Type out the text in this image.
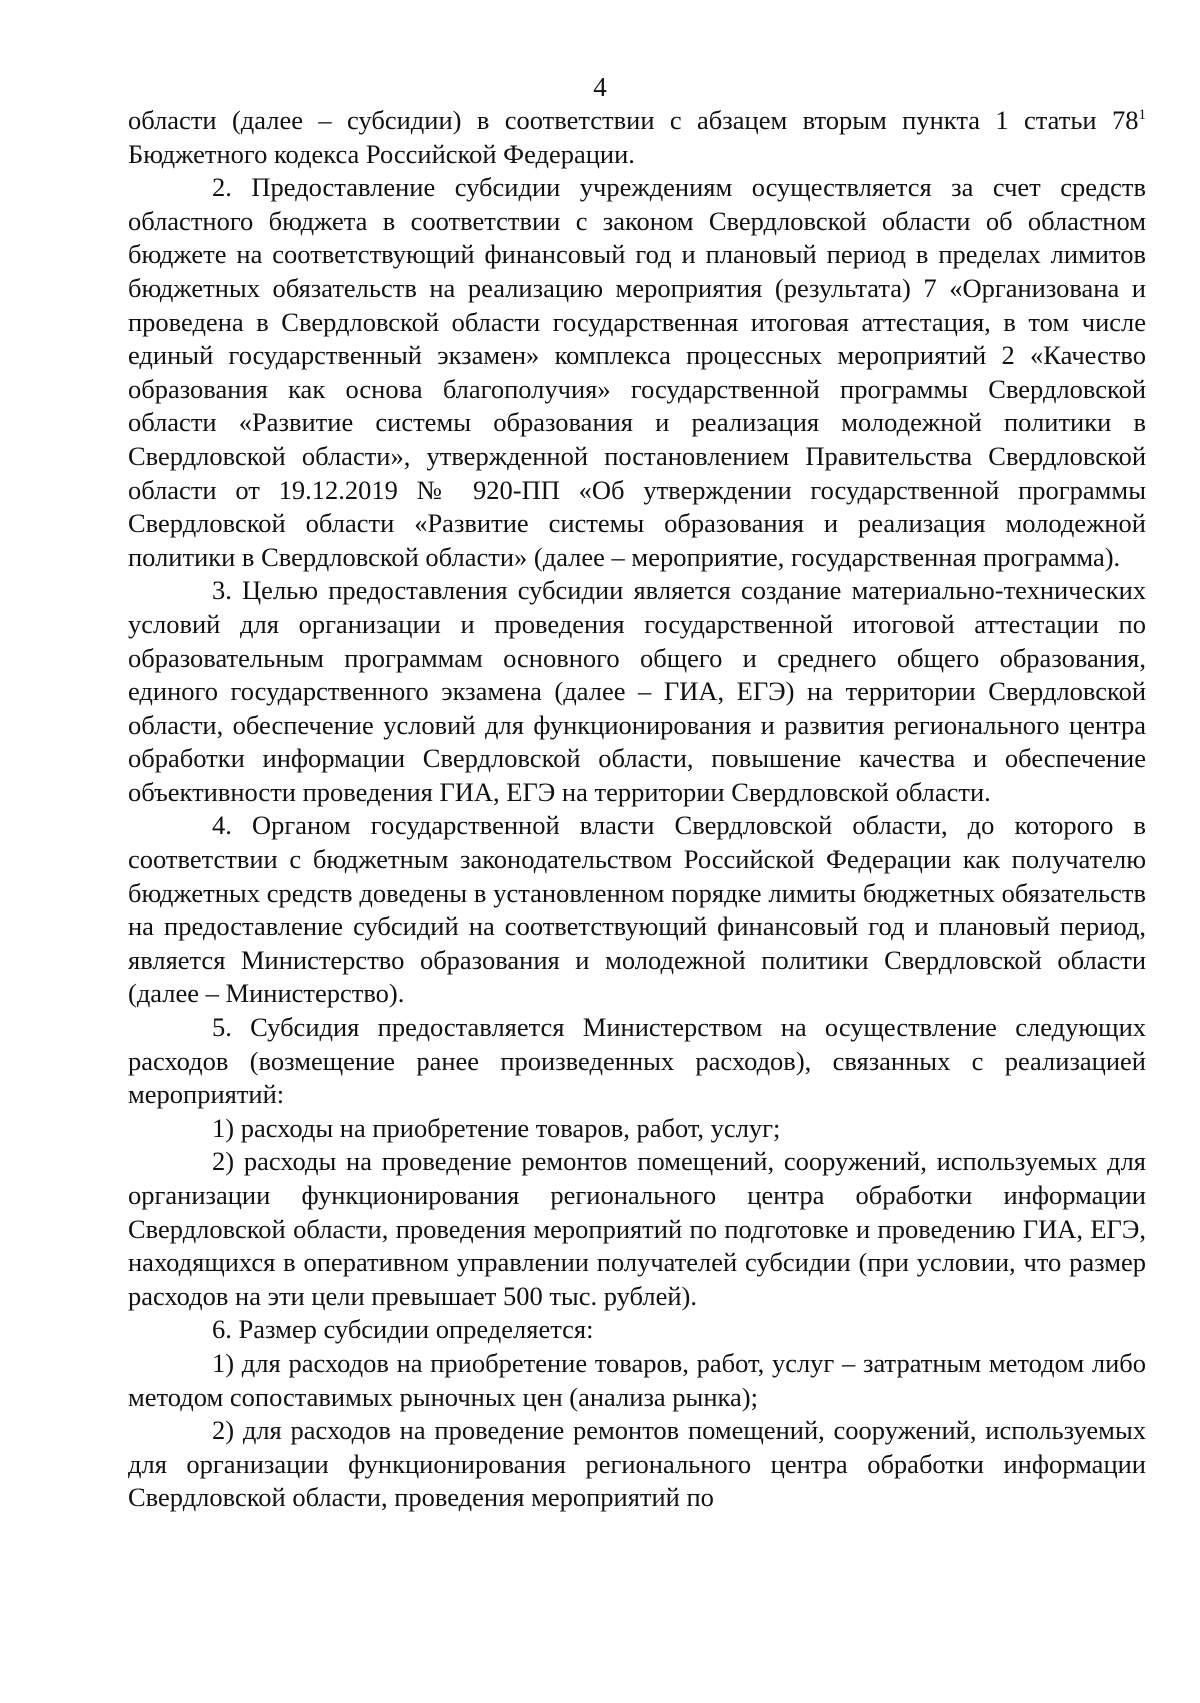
4

области (далее – субсидии) в соответствии с абзацем вторым пункта 1 статьи $78^1$ Бюджетного кодекса Российской Федерации.

2. Предоставление субсидии учреждениям осуществляется за счет средств областного бюджета в соответствии с законом Свердловской области об областном бюджете на соответствующий финансовый год и плановый период в пределах лимитов бюджетных обязательств на реализацию мероприятия (результата) 7 «Организована и проведена в Свердловской области государственная итоговая аттестация, в том числе единый государственный экзамен» комплекса процессных мероприятий 2 «Качество образования как основа благополучия» государственной программы Свердловской области «Развитие системы образования и реализация молодежной политики в Свердловской области», утвержденной постановлением Правительства Свердловской области от 19.12.2019 № 920-ПП «Об утверждении государственной программы Свердловской области «Развитие системы образования и реализация молодежной политики в Свердловской области» (далее – мероприятие, государственная программа).

3. Целью предоставления субсидии является создание материально-технических условий для организации и проведения государственной итоговой аттестации по образовательным программам основного общего и среднего общего образования, единого государственного экзамена (далее – ГИА, ЕГЭ) на территории Свердловской области, обеспечение условий для функционирования и развития регионального центра обработки информации Свердловской области, повышение качества и обеспечение объективности проведения ГИА, ЕГЭ на территории Свердловской области.

4. Органом государственной власти Свердловской области, до которого в соответствии с бюджетным законодательством Российской Федерации как получателю бюджетных средств доведены в установленном порядке лимиты бюджетных обязательств на предоставление субсидий на соответствующий финансовый год и плановый период, является Министерство образования и молодежной политики Свердловской области (далее – Министерство).

5. Субсидия предоставляется Министерством на осуществление следующих расходов (возмещение ранее произведенных расходов), связанных с реализацией мероприятий:

1) расходы на приобретение товаров, работ, услуг;

2) расходы на проведение ремонтов помещений, сооружений, используемых для организации функционирования регионального центра обработки информации Свердловской области, проведения мероприятий по подготовке и проведению ГИА, ЕГЭ, находящихся в оперативном управлении получателей субсидии (при условии, что размер расходов на эти цели превышает 500 тыс. рублей).

6. Размер субсидии определяется:

1) для расходов на приобретение товаров, работ, услуг – затратным методом либо методом сопоставимых рыночных цен (анализа рынка);

2) для расходов на проведение ремонтов помещений, сооружений, используемых для организации функционирования регионального центра обработки информации Свердловской области, проведения мероприятий по
